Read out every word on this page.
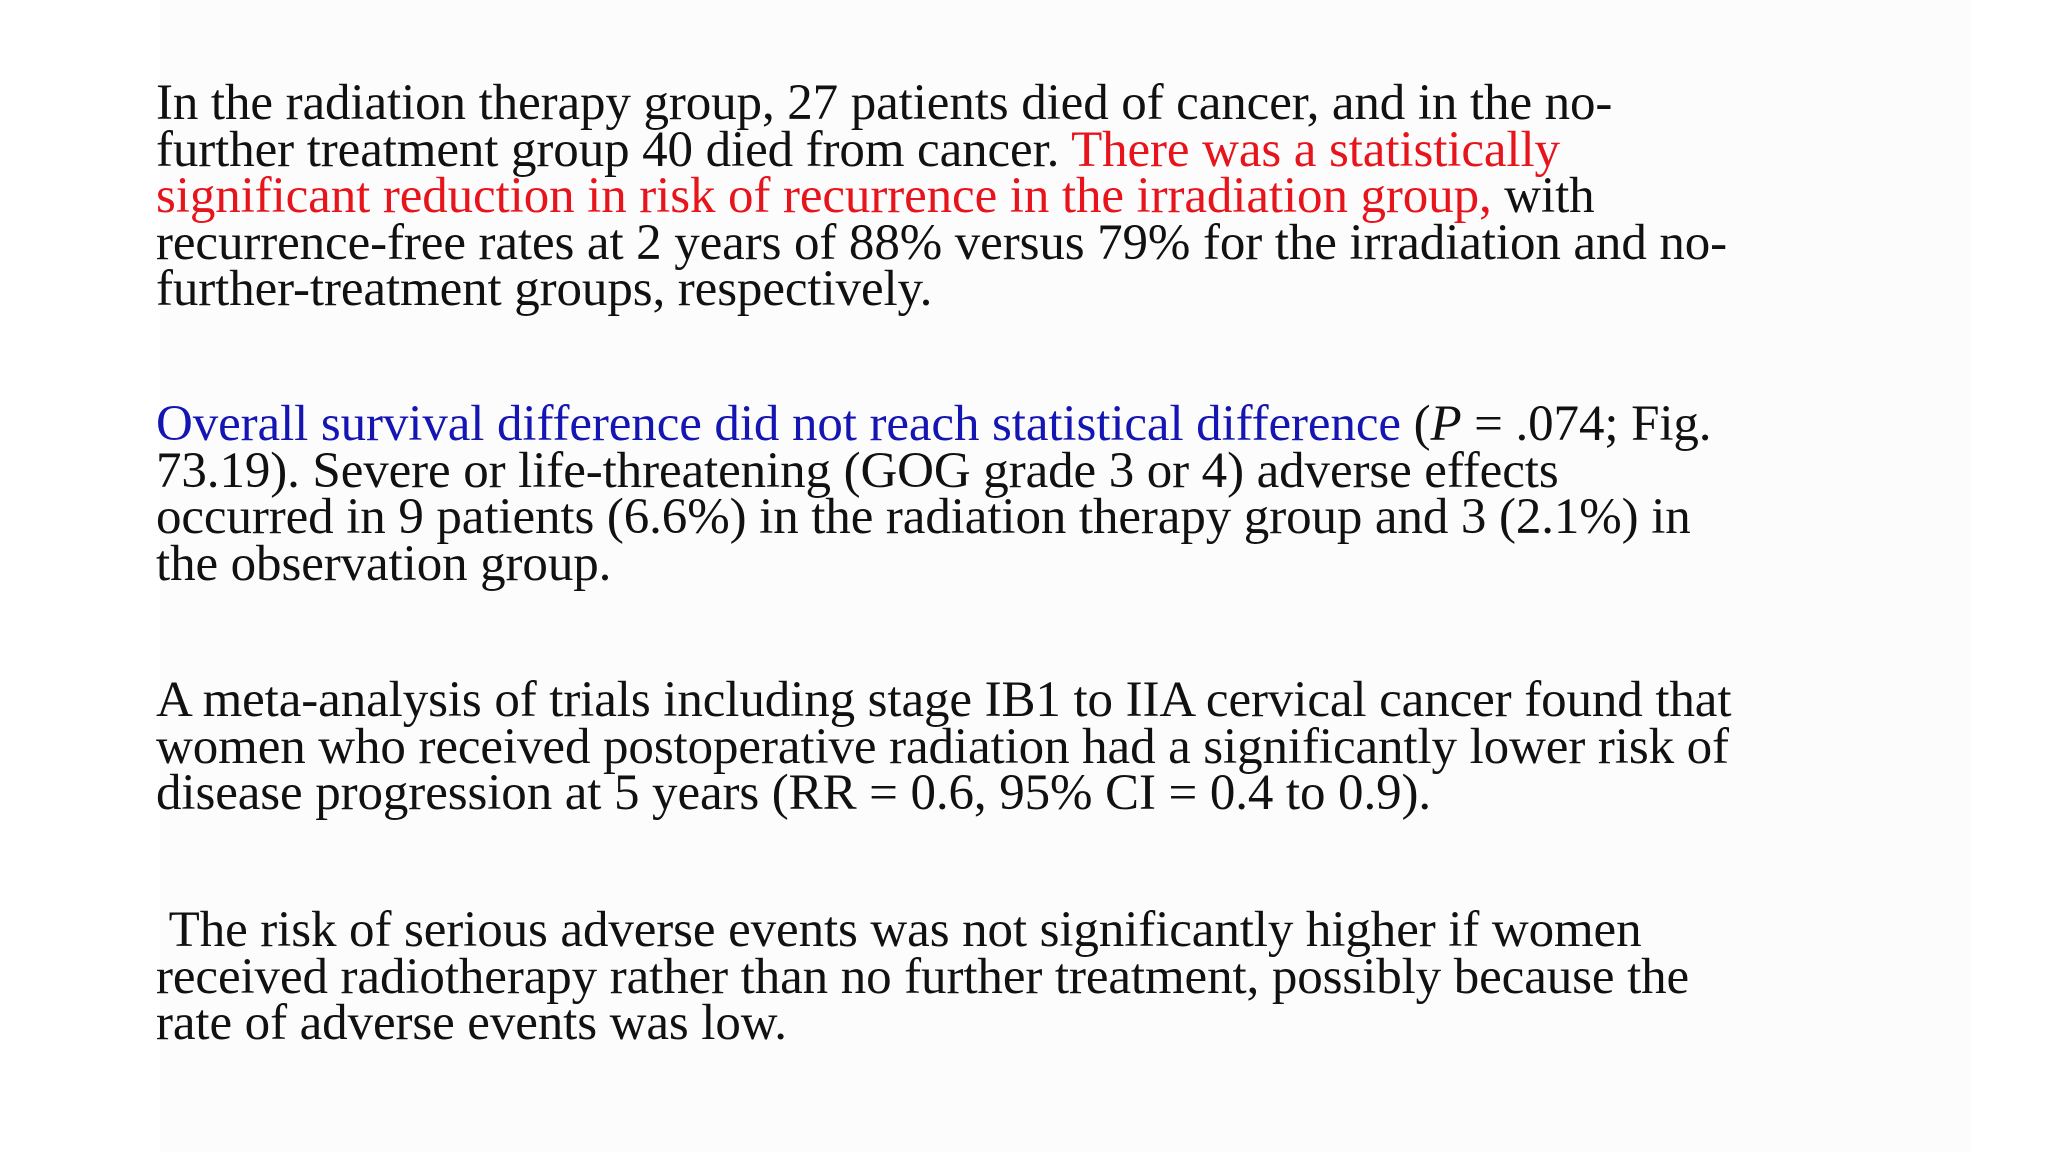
In the radiation therapy group, 27 patients died of cancer, and in the no-
further treatment group 40 died from cancer. There was a statistically
significant reduction in risk of recurrence in the irradiation group, with
recurrence-free rates at 2 years of 88% versus 79% for the irradiation and no-
further-treatment groups, respectively.
Overall survival difference did not reach statistical difference (P = .074; Fig.
73.19). Severe or life-threatening (GOG grade 3 or 4) adverse effects
occurred in 9 patients (6.6%) in the radiation therapy group and 3 (2.1%) in
the observation group.
A meta-analysis of trials including stage IB1 to IIA cervical cancer found that
women who received postoperative radiation had a significantly lower risk of
disease progression at 5 years (RR = 0.6, 95% CI = 0.4 to 0.9).
The risk of serious adverse events was not significantly higher if women
received radiotherapy rather than no further treatment, possibly because the
rate of adverse events was low.
